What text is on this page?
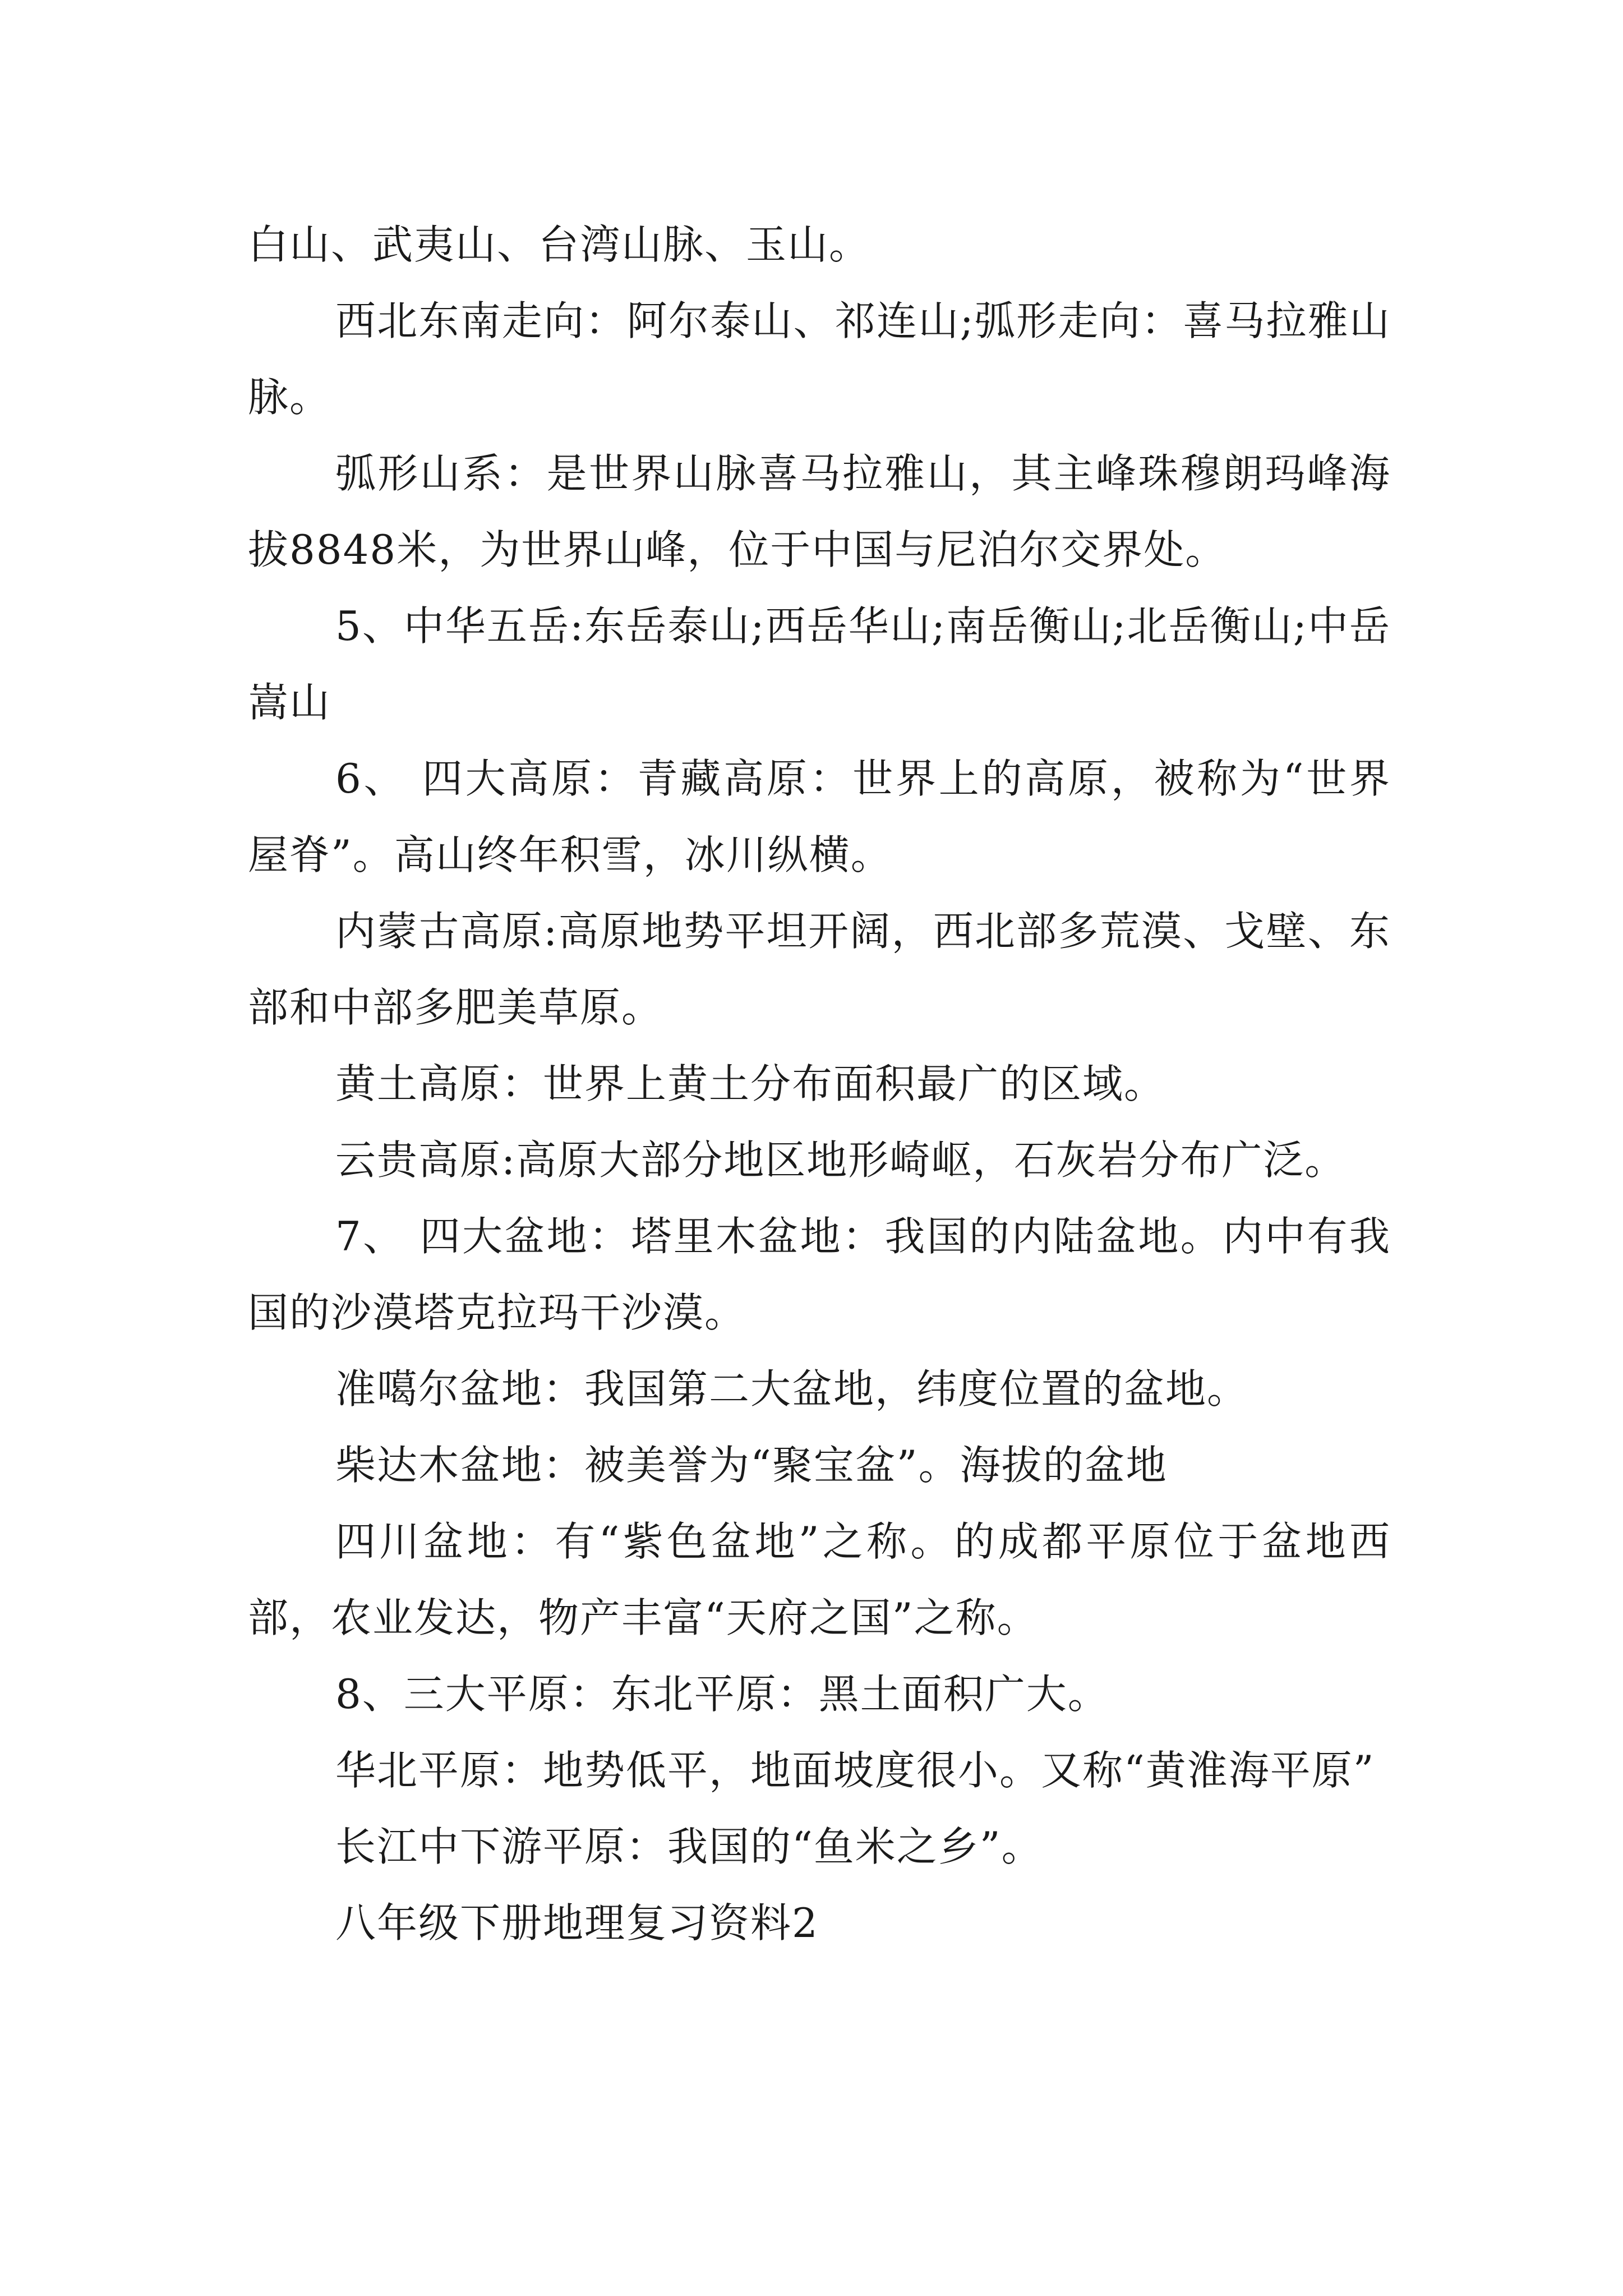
白山、武夷山、台湾山脉、玉山。

西北东南走向：阿尔泰山、祁连山;弧形走向：喜马拉雅山脉。

弧形山系：是世界山脉喜马拉雅山，其主峰珠穆朗玛峰海拔8848米，为世界山峰，位于中国与尼泊尔交界处。

5、中华五岳:东岳泰山;西岳华山;南岳衡山;北岳衡山;中岳嵩山

6、 四大高原：青藏高原：世界上的高原，被称为“世界屋脊”。高山终年积雪，冰川纵横。

内蒙古高原:高原地势平坦开阔，西北部多荒漠、戈壁、东部和中部多肥美草原。

黄土高原：世界上黄土分布面积最广的区域。

云贵高原:高原大部分地区地形崎岖，石灰岩分布广泛。

7、 四大盆地：塔里木盆地：我国的内陆盆地。内中有我国的沙漠塔克拉玛干沙漠。

准噶尔盆地：我国第二大盆地，纬度位置的盆地。

柴达木盆地：被美誉为“聚宝盆”。海拔的盆地

四川盆地：有“紫色盆地”之称。的成都平原位于盆地西部，农业发达，物产丰富“天府之国”之称。

8、三大平原：东北平原：黑土面积广大。

华北平原：地势低平，地面坡度很小。又称“黄淮海平原”

长江中下游平原：我国的“鱼米之乡”。

八年级下册地理复习资料2
